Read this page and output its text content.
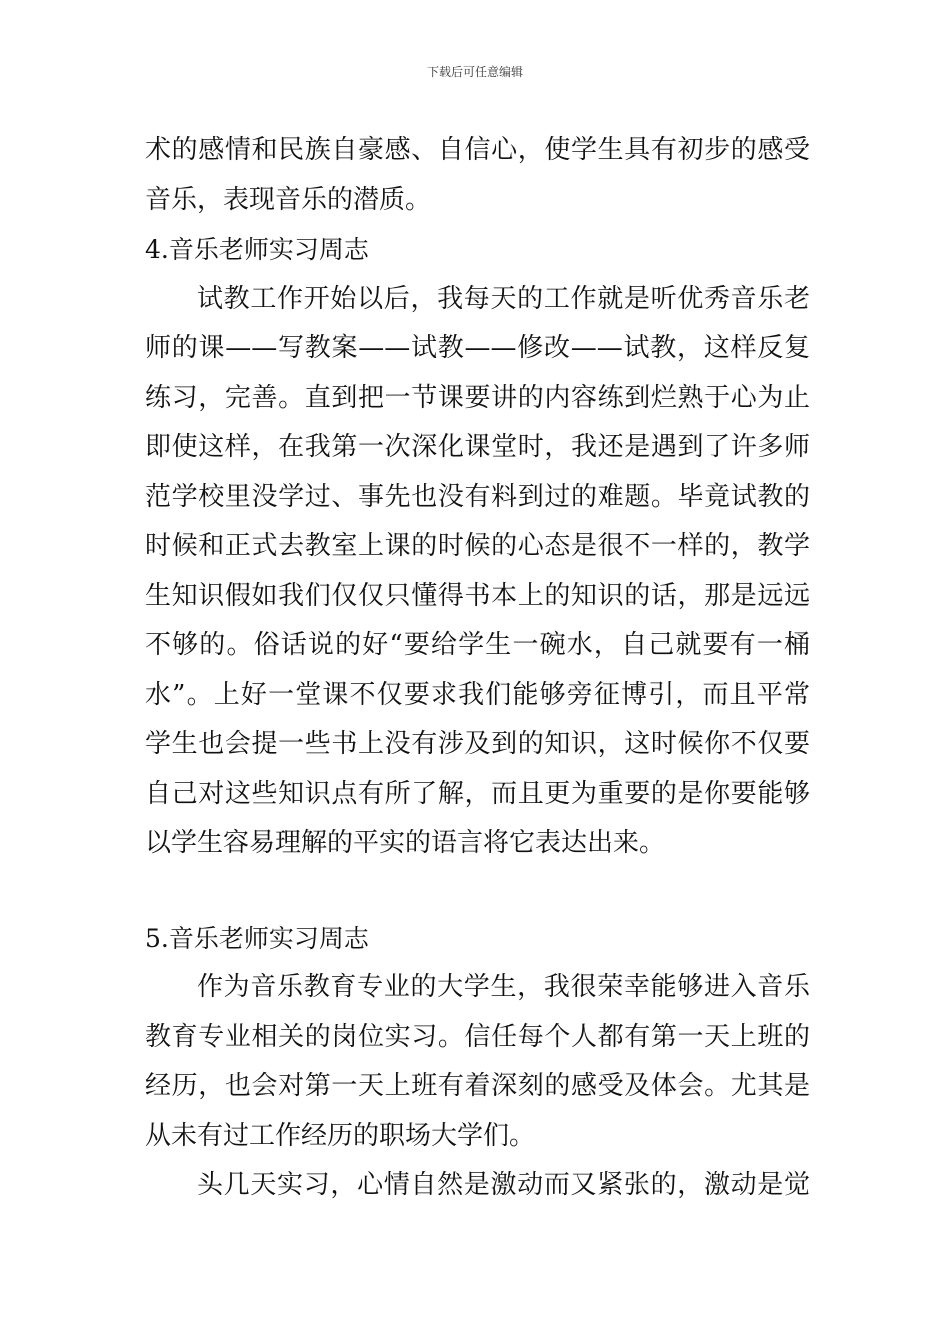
下载后可任意编辑
术的感情和民族自豪感、自信心，使学生具有初步的感受
音乐，表现音乐的潜质。
4.音乐老师实习周志
试教工作开始以后，我每天的工作就是听优秀音乐老
师的课——写教案——试教——修改——试教，这样反复
练习，完善。直到把一节课要讲的内容练到烂熟于心为止
即使这样，在我第一次深化课堂时，我还是遇到了许多师
范学校里没学过、事先也没有料到过的难题。毕竟试教的
时候和正式去教室上课的时候的心态是很不一样的，教学
生知识假如我们仅仅只懂得书本上的知识的话，那是远远
不够的。俗话说的好“要给学生一碗水，自己就要有一桶
水”。上好一堂课不仅要求我们能够旁征博引，而且平常
学生也会提一些书上没有涉及到的知识，这时候你不仅要
自己对这些知识点有所了解，而且更为重要的是你要能够
以学生容易理解的平实的语言将它表达出来。
5.音乐老师实习周志
作为音乐教育专业的大学生，我很荣幸能够进入音乐
教育专业相关的岗位实习。信任每个人都有第一天上班的
经历，也会对第一天上班有着深刻的感受及体会。尤其是
从未有过工作经历的职场大学们。
头几天实习，心情自然是激动而又紧张的，激动是觉
